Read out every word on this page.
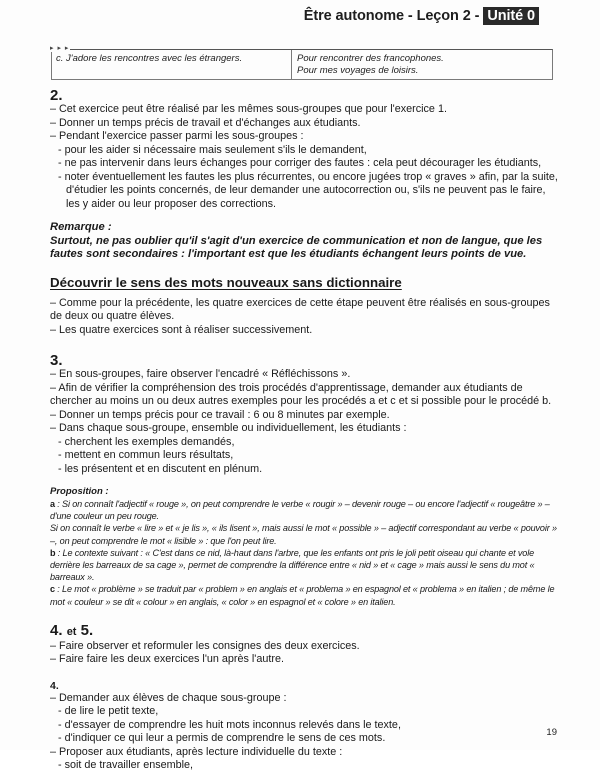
Être autonome - Leçon 2 - Unité 0
▸ ▸ ▸
c. J'adore les rencontres avec les étrangers.	Pour rencontrer des francophones.
Pour mes voyages de loisirs.

2.

– Cet exercice peut être réalisé par les mêmes sous-groupes que pour l'exercice 1.

– Donner un temps précis de travail et d'échanges aux étudiants.

– Pendant l'exercice passer parmi les sous-groupes :

- pour les aider si nécessaire mais seulement s'ils le demandent,

- ne pas intervenir dans leurs échanges pour corriger des fautes : cela peut décourager les étudiants,

- noter éventuellement les fautes les plus récurrentes, ou encore jugées trop « graves » afin, par la suite, d'étudier les points concernés, de leur demander une autocorrection ou, s'ils ne peuvent pas le faire, les y aider ou leur proposer des corrections.

Remarque :

Surtout, ne pas oublier qu'il s'agit d'un exercice de communication et non de langue, que les fautes sont secondaires : l'important est que les étudiants échangent leurs points de vue.

Découvrir le sens des mots nouveaux sans dictionnaire

– Comme pour la précédente, les quatre exercices de cette étape peuvent être réalisés en sous-groupes de deux ou quatre élèves.

– Les quatre exercices sont à réaliser successivement.

3.

– En sous-groupes, faire observer l'encadré « Réfléchissons ».

– Afin de vérifier la compréhension des trois procédés d'apprentissage, demander aux étudiants de chercher au moins un ou deux autres exemples pour les procédés a et c et si possible pour le procédé b.

– Donner un temps précis pour ce travail : 6 ou 8 minutes par exemple.

– Dans chaque sous-groupe, ensemble ou individuellement, les étudiants :

- cherchent les exemples demandés,

- mettent en commun leurs résultats,

- les présentent et en discutent en plénum.

Proposition :

a : Si on connaît l'adjectif « rouge », on peut comprendre le verbe « rougir » – devenir rouge – ou encore l'adjectif « rougeâtre » – d'une couleur un peu rouge.

Si on connaît le verbe « lire » et « je lis », « ils lisent », mais aussi le mot « possible » – adjectif correspondant au verbe « pouvoir » –, on peut comprendre le mot « lisible » : que l'on peut lire.

b : Le contexte suivant : « C'est dans ce nid, là-haut dans l'arbre, que les enfants ont pris le joli petit oiseau qui chante et vole derrière les barreaux de sa cage », permet de comprendre la différence entre « nid » et « cage » mais aussi le sens du mot « barreaux ».

c : Le mot « problème » se traduit par « problem » en anglais et « problema » en espagnol et « problema » en italien ; de même le mot « couleur » se dit « colour » en anglais, « color » en espagnol et « colore » en italien.

4. et 5.

– Faire observer et reformuler les consignes des deux exercices.

– Faire faire les deux exercices l'un après l'autre.

4.

– Demander aux élèves de chaque sous-groupe :

- de lire le petit texte,

- d'essayer de comprendre les huit mots inconnus relevés dans le texte,

- d'indiquer ce qui leur a permis de comprendre le sens de ces mots.

– Proposer aux étudiants, après lecture individuelle du texte :

- soit de travailler ensemble,

19
